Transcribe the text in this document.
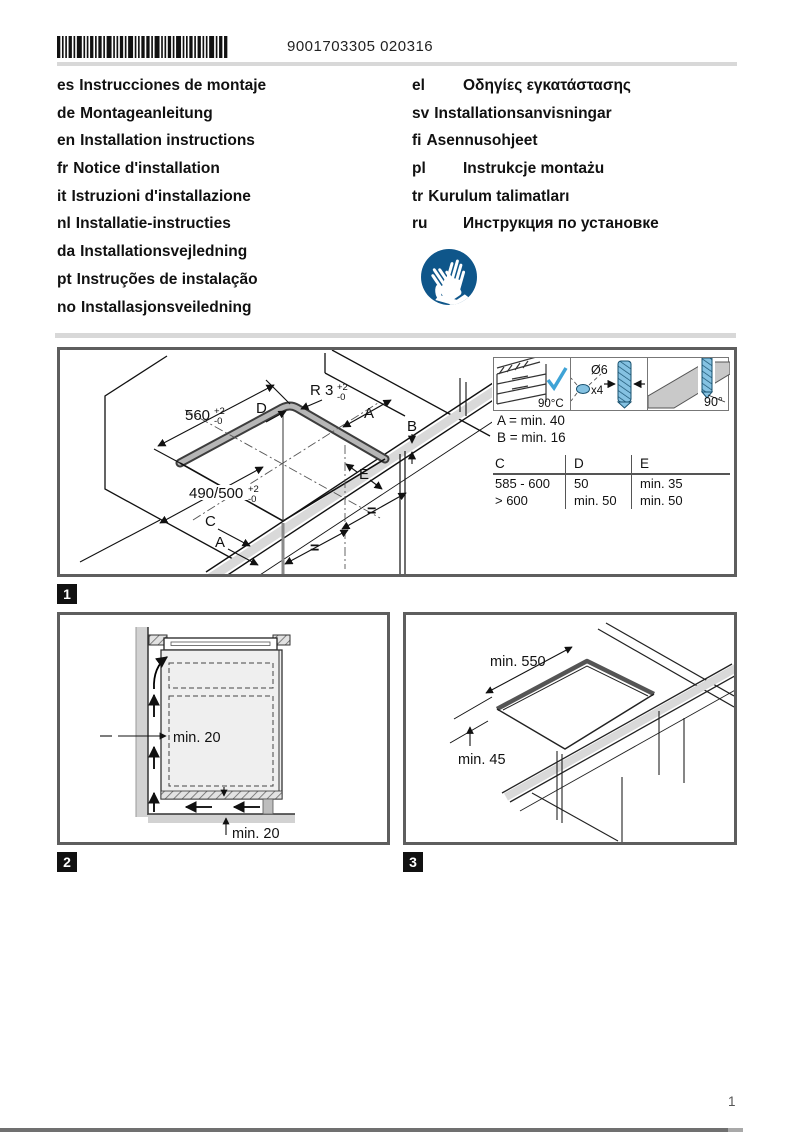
9001703305 020316
es Instrucciones de montaje
de Montageanleitung
en Installation instructions
fr Notice d'installation
it Istruzioni d'installazione
nl Installatie-instructies
da Installationsvejledning
pt Instruções de instalação
no Installasjonsveiledning
el Οδηγίες εγκατάστασης
sv Installationsanvisningar
fi Asennusohjeet
pl Instrukcje montażu
tr Kurulum talimatları
ru Инструкция по установке
560 +2
-0
D
R 3 +2
-0
A
B
E
490/500 +2
-0
C
A	=
=
90°C
Ø6
x4
90°
A = min. 40
B = min. 16
C	D	E
585 - 600	50	min. 35
> 600	min. 50	min. 50
1
min. 20
min. 20
2
min. 550
min. 45
3
1
